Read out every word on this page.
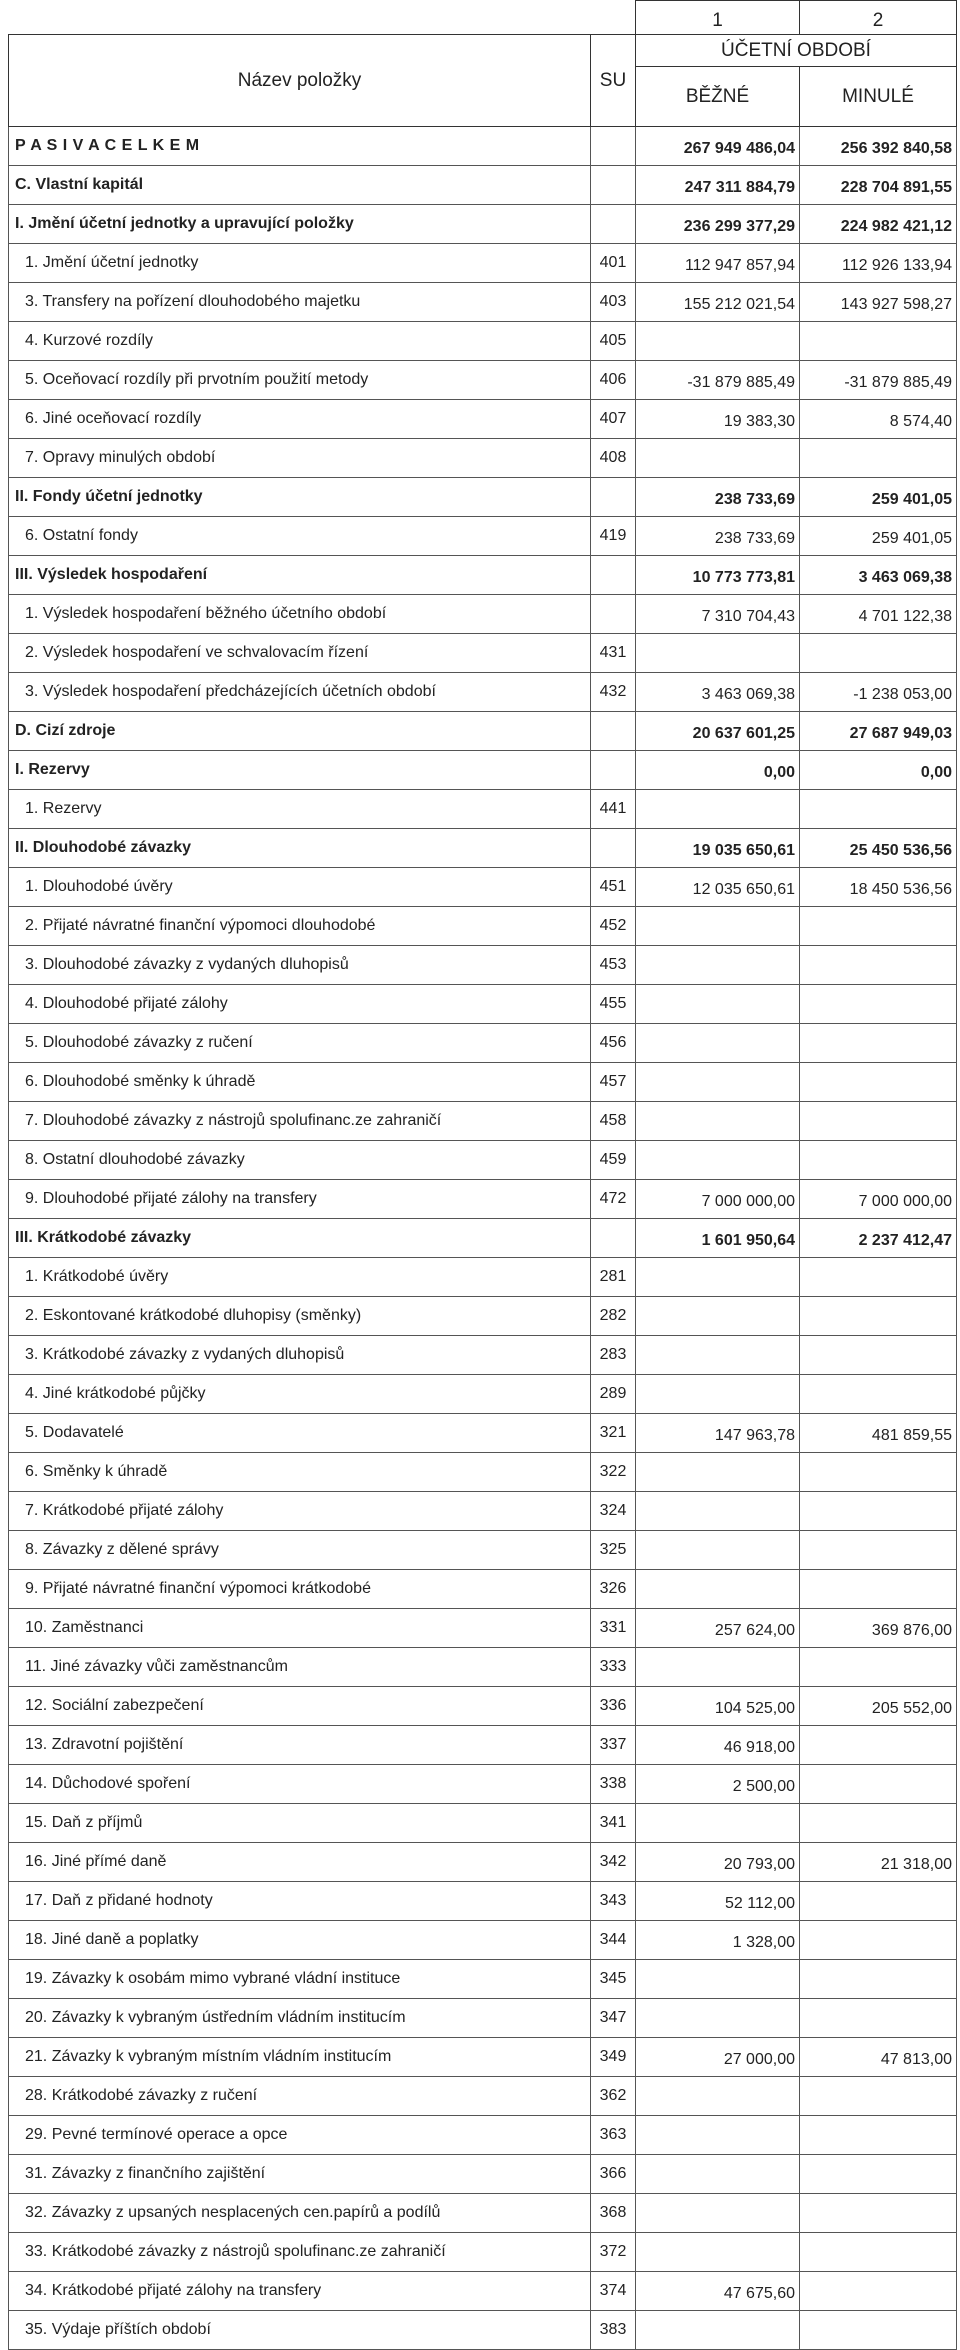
		1	2
Název položky	SU	ÚČETNÍ OBDOBÍ	
		BĚŽNÉ	MINULÉ
P A S I V A C E L K E M		267 949 486,04	256 392 840,58
C. Vlastní kapitál		247 311 884,79	228 704 891,55
I. Jmění účetní jednotky a upravující položky		236 299 377,29	224 982 421,12
1. Jmění účetní jednotky	401	112 947 857,94	112 926 133,94
3. Transfery na pořízení dlouhodobého majetku	403	155 212 021,54	143 927 598,27
4. Kurzové rozdíly	405		
5. Oceňovací rozdíly při prvotním použití metody	406	-31 879 885,49	-31 879 885,49
6. Jiné oceňovací rozdíly	407	19 383,30	8 574,40
7. Opravy minulých období	408		
II. Fondy účetní jednotky		238 733,69	259 401,05
6. Ostatní fondy	419	238 733,69	259 401,05
III. Výsledek hospodaření		10 773 773,81	3 463 069,38
1. Výsledek hospodaření běžného účetního období		7 310 704,43	4 701 122,38
2. Výsledek hospodaření ve schvalovacím řízení	431		
3. Výsledek hospodaření předcházejících účetních období	432	3 463 069,38	-1 238 053,00
D. Cizí zdroje		20 637 601,25	27 687 949,03
I. Rezervy		0,00	0,00
1. Rezervy	441		
II. Dlouhodobé závazky		19 035 650,61	25 450 536,56
1. Dlouhodobé úvěry	451	12 035 650,61	18 450 536,56
2. Přijaté návratné finanční výpomoci dlouhodobé	452		
3. Dlouhodobé závazky z vydaných dluhopisů	453		
4. Dlouhodobé přijaté zálohy	455		
5. Dlouhodobé závazky z ručení	456		
6. Dlouhodobé směnky k úhradě	457		
7. Dlouhodobé závazky z nástrojů spolufinanc.ze zahraničí	458		
8. Ostatní dlouhodobé závazky	459		
9. Dlouhodobé přijaté zálohy na transfery	472	7 000 000,00	7 000 000,00
III. Krátkodobé závazky		1 601 950,64	2 237 412,47
1. Krátkodobé úvěry	281		
2. Eskontované krátkodobé dluhopisy (směnky)	282		
3. Krátkodobé závazky z vydaných dluhopisů	283		
4. Jiné krátkodobé půjčky	289		
5. Dodavatelé	321	147 963,78	481 859,55
6. Směnky k úhradě	322		
7. Krátkodobé přijaté zálohy	324		
8. Závazky z dělené správy	325		
9. Přijaté návratné finanční výpomoci krátkodobé	326		
10. Zaměstnanci	331	257 624,00	369 876,00
11. Jiné závazky vůči zaměstnancům	333		
12. Sociální zabezpečení	336	104 525,00	205 552,00
13. Zdravotní pojištění	337	46 918,00	
14. Důchodové spoření	338	2 500,00	
15. Daň z příjmů	341		
16. Jiné přímé daně	342	20 793,00	21 318,00
17. Daň z přidané hodnoty	343	52 112,00	
18. Jiné daně a poplatky	344	1 328,00	
19. Závazky k osobám mimo vybrané vládní instituce	345		
20. Závazky k vybraným ústředním vládním institucím	347		
21. Závazky k vybraným místním vládním institucím	349	27 000,00	47 813,00
28. Krátkodobé závazky z ručení	362		
29. Pevné termínové operace a opce	363		
31. Závazky z finančního zajištění	366		
32. Závazky z upsaných nesplacených cen.papírů a podílů	368		
33. Krátkodobé závazky z nástrojů spolufinanc.ze zahraničí	372		
34. Krátkodobé přijaté zálohy na transfery	374	47 675,60	
35. Výdaje příštích období	383		
